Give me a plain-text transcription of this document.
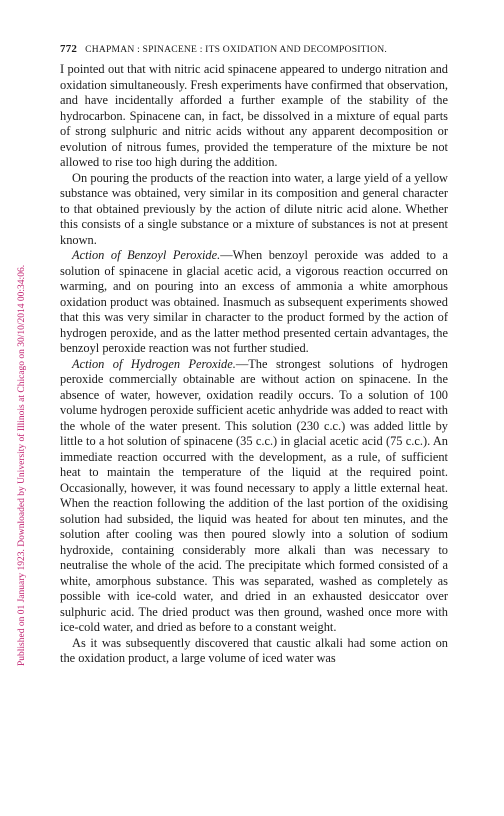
Published on 01 January 1923. Downloaded by University of Illinois at Chicago on 30/10/2014 00:34:06.
772 CHAPMAN : SPINACENE : ITS OXIDATION AND DECOMPOSITION.

I pointed out that with nitric acid spinacene appeared to undergo nitration and oxidation simultaneously. Fresh experiments have confirmed that observation, and have incidentally afforded a further example of the stability of the hydrocarbon. Spinacene can, in fact, be dissolved in a mixture of equal parts of strong sulphuric and nitric acids without any apparent decomposition or evolution of nitrous fumes, provided the temperature of the mixture be not allowed to rise too high during the addition.

On pouring the products of the reaction into water, a large yield of a yellow substance was obtained, very similar in its composition and general character to that obtained previously by the action of dilute nitric acid alone. Whether this consists of a single substance or a mixture of substances is not at present known.

Action of Benzoyl Peroxide.—When benzoyl peroxide was added to a solution of spinacene in glacial acetic acid, a vigorous reaction occurred on warming, and on pouring into an excess of ammonia a white amorphous oxidation product was obtained. Inasmuch as subsequent experiments showed that this was very similar in character to the product formed by the action of hydrogen peroxide, and as the latter method presented certain advantages, the benzoyl peroxide reaction was not further studied.

Action of Hydrogen Peroxide.—The strongest solutions of hydrogen peroxide commercially obtainable are without action on spinacene. In the absence of water, however, oxidation readily occurs. To a solution of 100 volume hydrogen peroxide sufficient acetic anhydride was added to react with the whole of the water present. This solution (230 c.c.) was added little by little to a hot solution of spinacene (35 c.c.) in glacial acetic acid (75 c.c.). An immediate reaction occurred with the development, as a rule, of sufficient heat to maintain the temperature of the liquid at the required point. Occasionally, however, it was found necessary to apply a little external heat. When the reaction following the addition of the last portion of the oxidising solution had subsided, the liquid was heated for about ten minutes, and the solution after cooling was then poured slowly into a solution of sodium hydroxide, containing considerably more alkali than was necessary to neutralise the whole of the acid. The precipitate which formed consisted of a white, amorphous substance. This was separated, washed as completely as possible with ice-cold water, and dried in an exhausted desiccator over sulphuric acid. The dried product was then ground, washed once more with ice-cold water, and dried as before to a constant weight.

As it was subsequently discovered that caustic alkali had some action on the oxidation product, a large volume of iced water was
